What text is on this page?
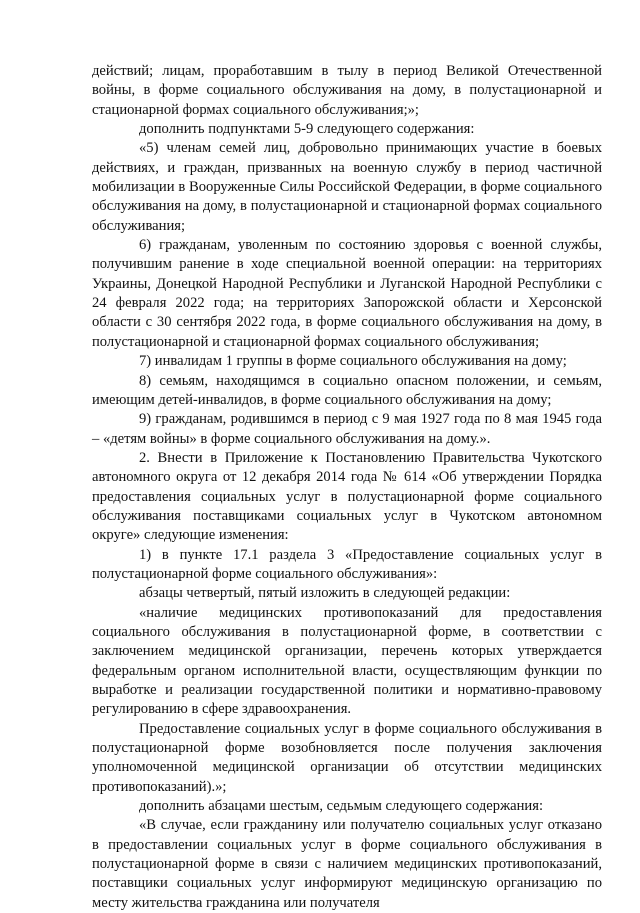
действий; лицам, проработавшим в тылу в период Великой Отечественной войны, в форме социального обслуживания на дому, в полустационарной и стационарной формах социального обслуживания;»;

дополнить подпунктами 5-9 следующего содержания:

«5) членам семей лиц, добровольно принимающих участие в боевых действиях, и граждан, призванных на военную службу в период частичной мобилизации в Вооруженные Силы Российской Федерации, в форме социального обслуживания на дому, в полустационарной и стационарной формах социального обслуживания;

6) гражданам, уволенным по состоянию здоровья с военной службы, получившим ранение в ходе специальной военной операции: на территориях Украины, Донецкой Народной Республики и Луганской Народной Республики с 24 февраля 2022 года; на территориях Запорожской области и Херсонской области с 30 сентября 2022 года, в форме социального обслуживания на дому, в полустационарной и стационарной формах социального обслуживания;

7) инвалидам 1 группы в форме социального обслуживания на дому;

8) семьям, находящимся в социально опасном положении, и семьям, имеющим детей-инвалидов, в форме социального обслуживания на дому;

9) гражданам, родившимся в период с 9 мая 1927 года по 8 мая 1945 года – «детям войны» в форме социального обслуживания на дому.».

2. Внести в Приложение к Постановлению Правительства Чукотского автономного округа от 12 декабря 2014 года № 614 «Об утверждении Порядка предоставления социальных услуг в полустационарной форме социального обслуживания поставщиками социальных услуг в Чукотском автономном округе» следующие изменения:

1) в пункте 17.1 раздела 3 «Предоставление социальных услуг в полустационарной форме социального обслуживания»:

абзацы четвертый, пятый изложить в следующей редакции:

«наличие медицинских противопоказаний для предоставления социального обслуживания в полустационарной форме, в соответствии с заключением медицинской организации, перечень которых утверждается федеральным органом исполнительной власти, осуществляющим функции по выработке и реализации государственной политики и нормативно-правовому регулированию в сфере здравоохранения.

Предоставление социальных услуг в форме социального обслуживания в полустационарной форме возобновляется после получения заключения уполномоченной медицинской организации об отсутствии медицинских противопоказаний).»;

дополнить абзацами шестым, седьмым следующего содержания:

«В случае, если гражданину или получателю социальных услуг отказано в предоставлении социальных услуг в форме социального обслуживания в полустационарной форме в связи с наличием медицинских противопоказаний, поставщики социальных услуг информируют медицинскую организацию по месту жительства гражданина или получателя
